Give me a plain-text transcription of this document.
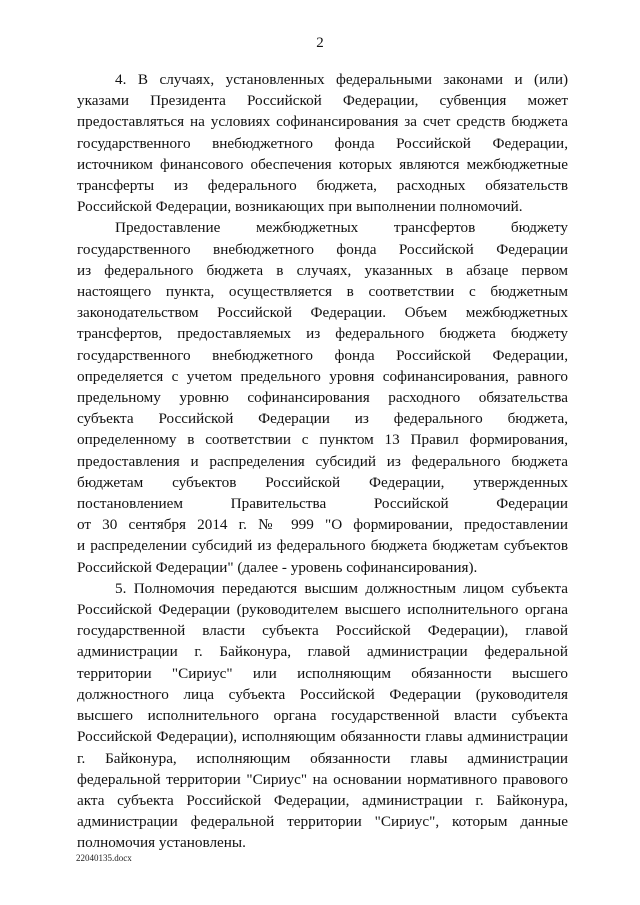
2
4. В случаях, установленных федеральными законами и (или)
указами Президента Российской Федерации, субвенция может
предоставляться на условиях софинансирования за счет средств бюджета
государственного внебюджетного фонда Российской Федерации,
источником финансового обеспечения которых являются межбюджетные
трансферты из федерального бюджета, расходных обязательств
Российской Федерации, возникающих при выполнении полномочий.
Предоставление межбюджетных трансфертов бюджету
государственного внебюджетного фонда Российской Федерации
из федерального бюджета в случаях, указанных в абзаце первом
настоящего пункта, осуществляется в соответствии с бюджетным
законодательством Российской Федерации. Объем межбюджетных
трансфертов, предоставляемых из федерального бюджета бюджету
государственного внебюджетного фонда Российской Федерации,
определяется с учетом предельного уровня софинансирования, равного
предельному уровню софинансирования расходного обязательства
субъекта Российской Федерации из федерального бюджета,
определенному в соответствии с пунктом 13 Правил формирования,
предоставления и распределения субсидий из федерального бюджета
бюджетам субъектов Российской Федерации, утвержденных
постановлением Правительства Российской Федерации
от 30 сентября 2014 г. № 999 "О формировании, предоставлении
и распределении субсидий из федерального бюджета бюджетам субъектов
Российской Федерации" (далее - уровень софинансирования).
5. Полномочия передаются высшим должностным лицом субъекта
Российской Федерации (руководителем высшего исполнительного органа
государственной власти субъекта Российской Федерации), главой
администрации г. Байконура, главой администрации федеральной
территории "Сириус" или исполняющим обязанности высшего
должностного лица субъекта Российской Федерации (руководителя
высшего исполнительного органа государственной власти субъекта
Российской Федерации), исполняющим обязанности главы администрации
г. Байконура, исполняющим обязанности главы администрации
федеральной территории "Сириус" на основании нормативного правового
акта субъекта Российской Федерации, администрации г. Байконура,
администрации федеральной территории "Сириус", которым данные
полномочия установлены.
22040135.docx
